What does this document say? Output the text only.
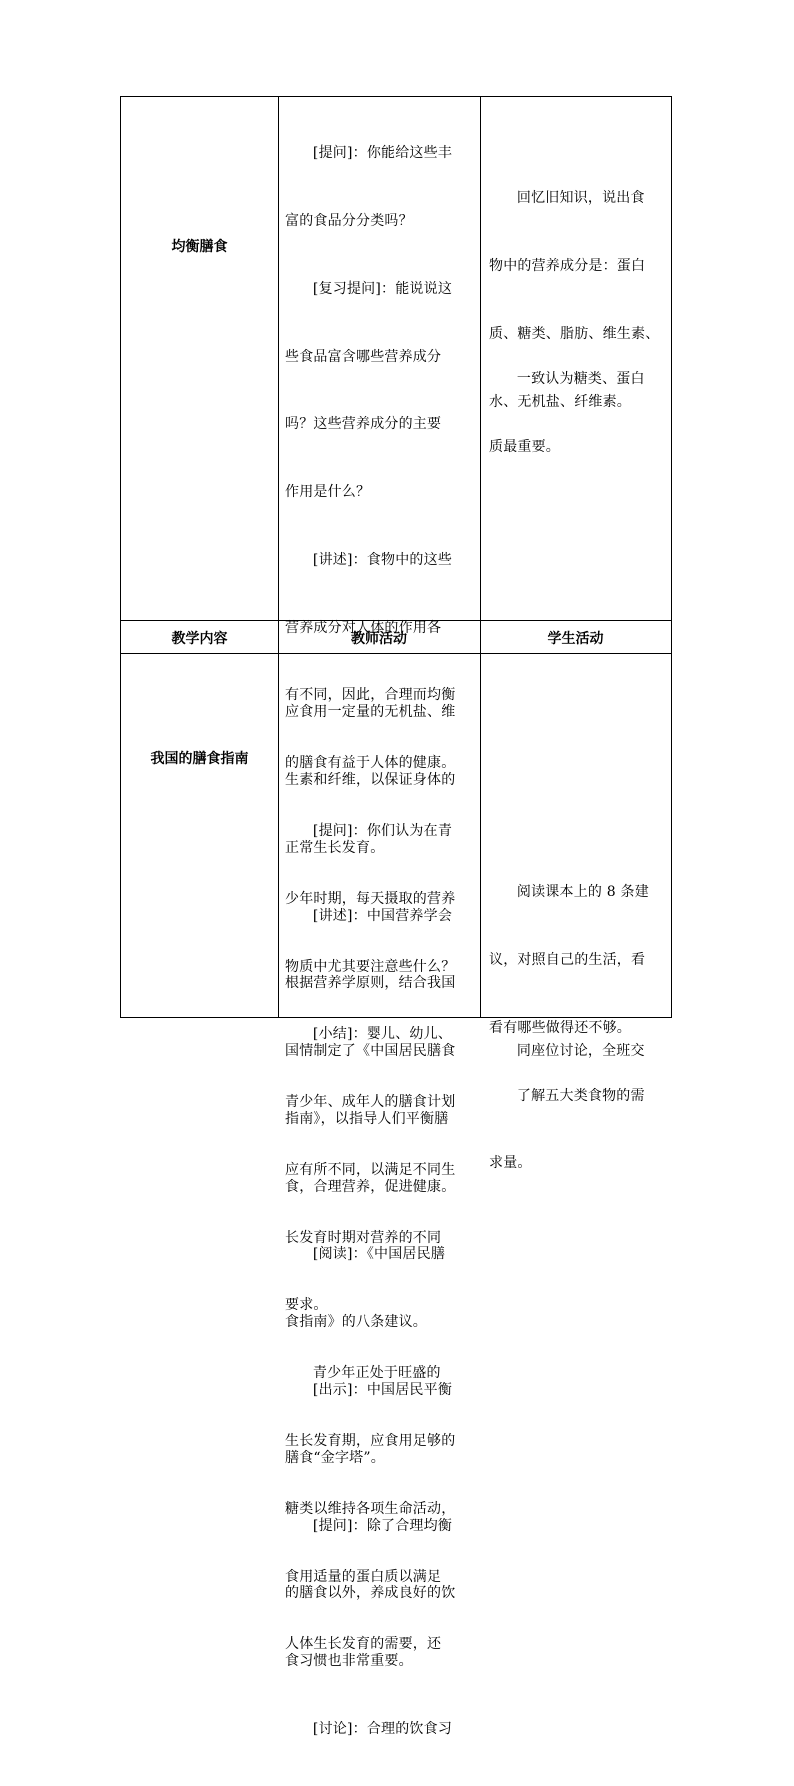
均衡膳食

[提问]：你能给这些丰

富的食品分分类吗？

[复习提问]：能说说这

些食品富含哪些营养成分

吗？这些营养成分的主要

作用是什么？

[讲述]：食物中的这些

营养成分对人体的作用各

有不同，因此，合理而均衡

的膳食有益于人体的健康。

[提问]：你们认为在青

少年时期，每天摄取的营养

物质中尤其要注意些什么？

[小结]：婴儿、幼儿、

青少年、成年人的膳食计划

应有所不同，以满足不同生

长发育时期对营养的不同

要求。

青少年正处于旺盛的

生长发育期，应食用足够的

糖类以维持各项生命活动，

食用适量的蛋白质以满足

人体生长发育的需要，还

回忆旧知识，说出食

物中的营养成分是：蛋白

质、糖类、脂肪、维生素、

水、无机盐、纤维素。

一致认为糖类、蛋白

质最重要。

教学内容	教师活动	学生活动
我国的膳食指南

应食用一定量的无机盐、维

生素和纤维，以保证身体的

正常生长发育。

[讲述]：中国营养学会

根据营养学原则，结合我国

国情制定了《中国居民膳食

指南》，以指导人们平衡膳

食，合理营养，促进健康。

[阅读]：《中国居民膳

食指南》的八条建议。

[出示]：中国居民平衡

膳食“金字塔”。

[提问]：除了合理均衡

的膳食以外，养成良好的饮

食习惯也非常重要。

[讨论]：合理的饮食习

阅读课本上的 8 条建

议，对照自己的生活，看

看有哪些做得还不够。

了解五大类食物的需

求量。

同座位讨论，全班交
